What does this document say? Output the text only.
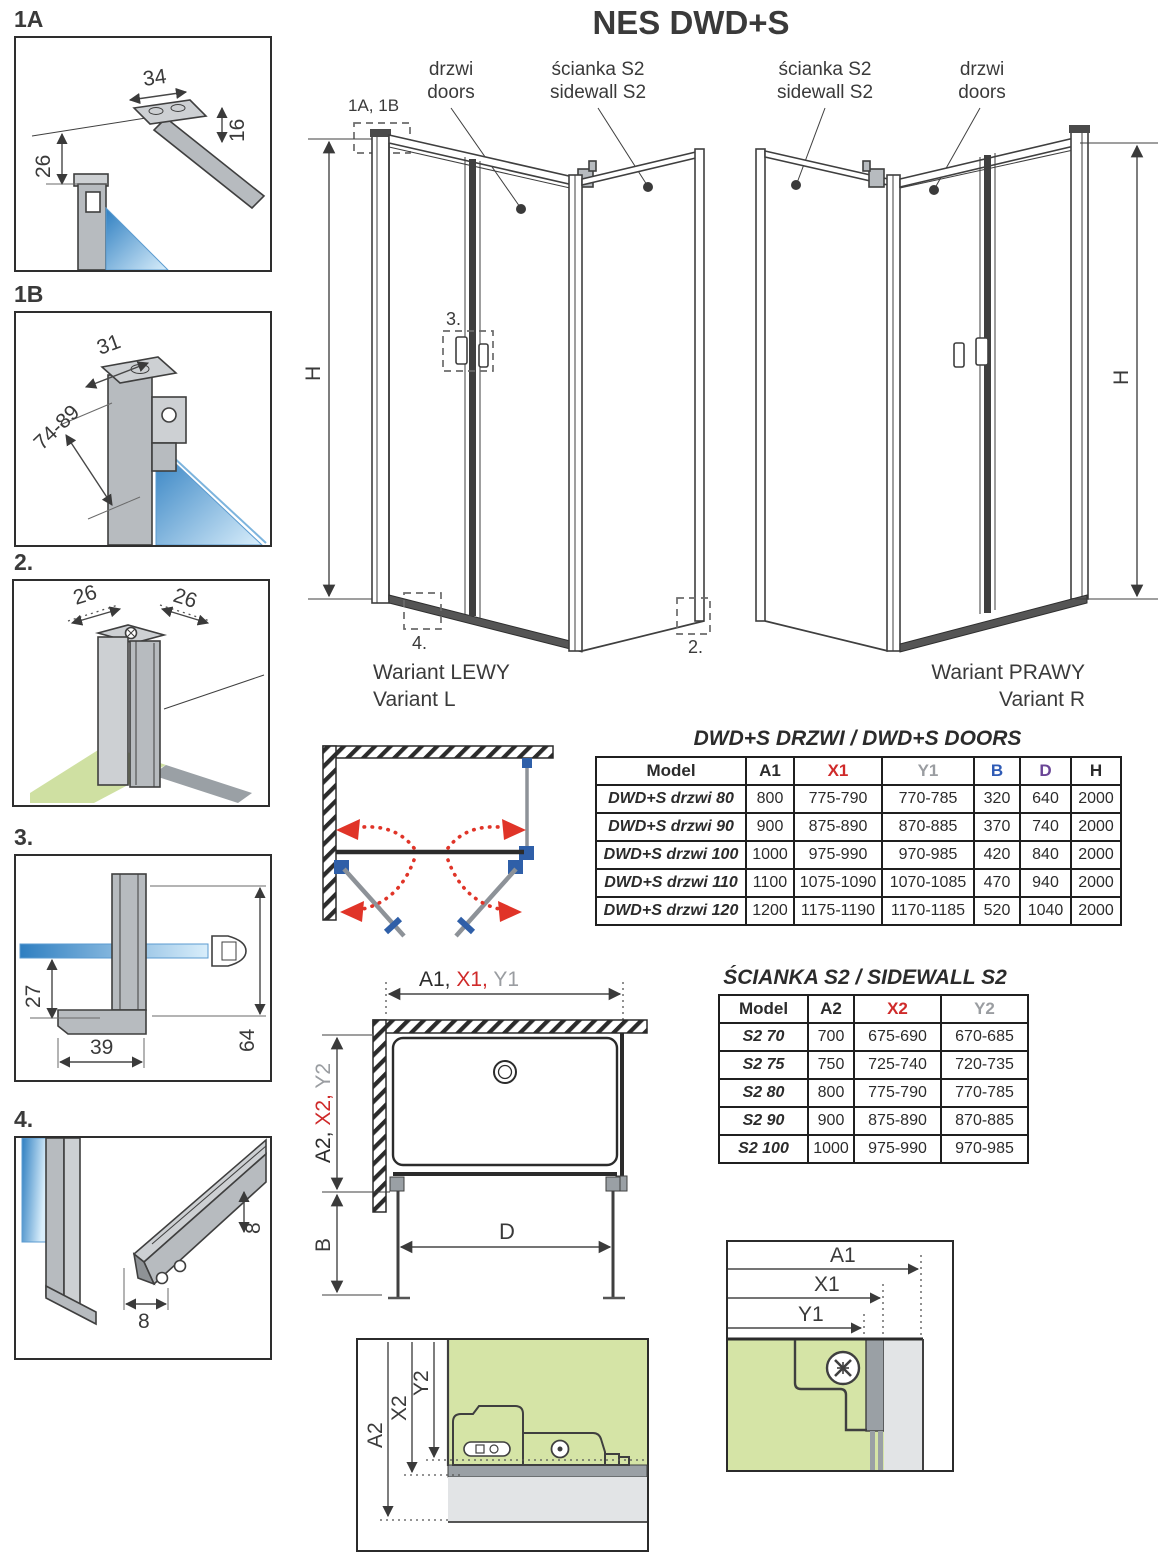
1A
34
16
26
1B
31
74-89
2.
26	26
3.
27
39	64
4.
8
8
NES DWD+S
drzwi
doors
ścianka S2
sidewall S2
ścianka S2
sidewall S2
drzwi
doors
1A, 1B
H
3.
4.	2.
Wariant LEWY
Variant L
H
Wariant PRAWY
Variant R
DWD+S DRZWI / DWD+S DOORS
Model	A1	X1	Y1	B	D	H
DWD+S drzwi 80	800	775-790	770-785	320	640	2000
DWD+S drzwi 90	900	875-890	870-885	370	740	2000
DWD+S drzwi 100	1000	975-990	970-985	420	840	2000
DWD+S drzwi 110	1100	1075-1090	1070-1085	470	940	2000
DWD+S drzwi 120	1200	1175-1190	1170-1185	520	1040	2000
ŚCIANKA S2 / SIDEWALL S2
Model	A2	X2	Y2
S2 70	700	675-690	670-685
S2 75	750	725-740	720-735
S2 80	800	775-790	770-785
S2 90	900	875-890	870-885
S2 100	1000	975-990	970-985
A1, X1, Y1
A2, X2, Y2
B
D
A2
X2
Y2
A1
X1
Y1
